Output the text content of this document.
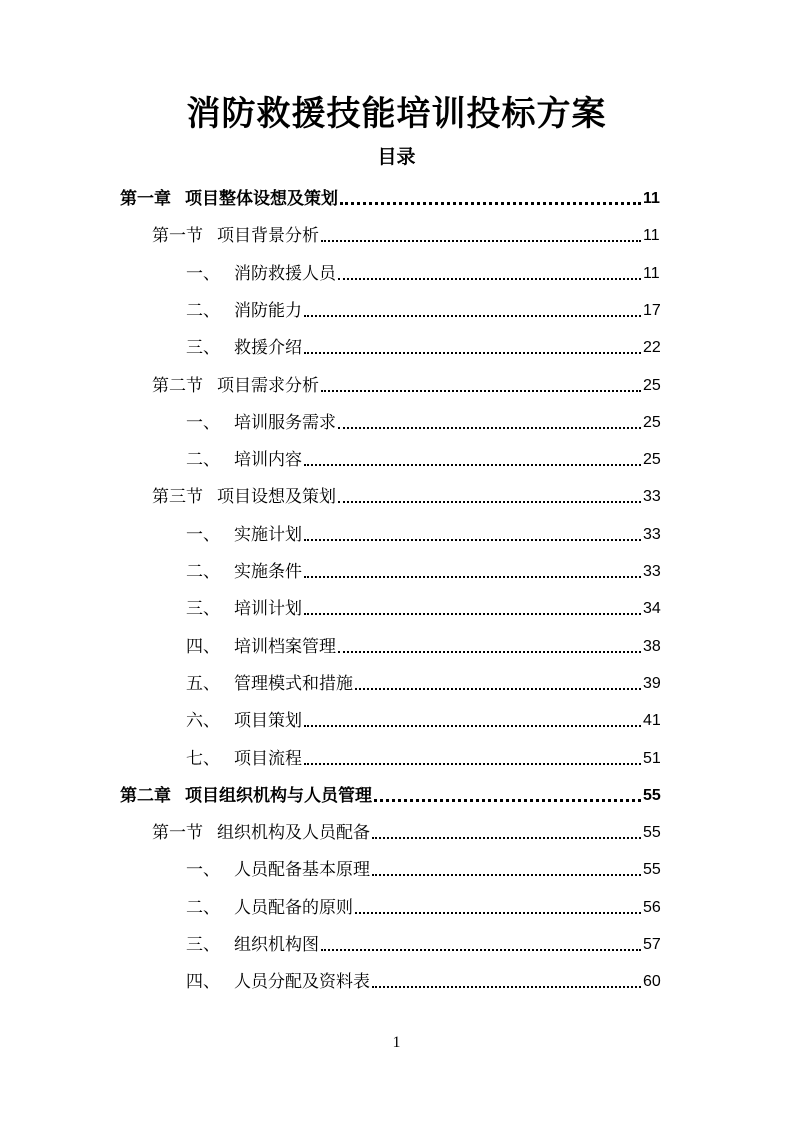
消防救援技能培训投标方案
目录
第一章 项目整体设想及策划	11
第一节 项目背景分析	11
一、 消防救援人员	11
二、 消防能力	17
三、 救援介绍	22
第二节 项目需求分析	25
一、 培训服务需求	25
二、 培训内容	25
第三节 项目设想及策划	33
一、 实施计划	33
二、 实施条件	33
三、 培训计划	34
四、 培训档案管理	38
五、 管理模式和措施	39
六、 项目策划	41
七、 项目流程	51
第二章 项目组织机构与人员管理	55
第一节 组织机构及人员配备	55
一、 人员配备基本原理	55
二、 人员配备的原则	56
三、 组织机构图	57
四、 人员分配及资料表	60
1
